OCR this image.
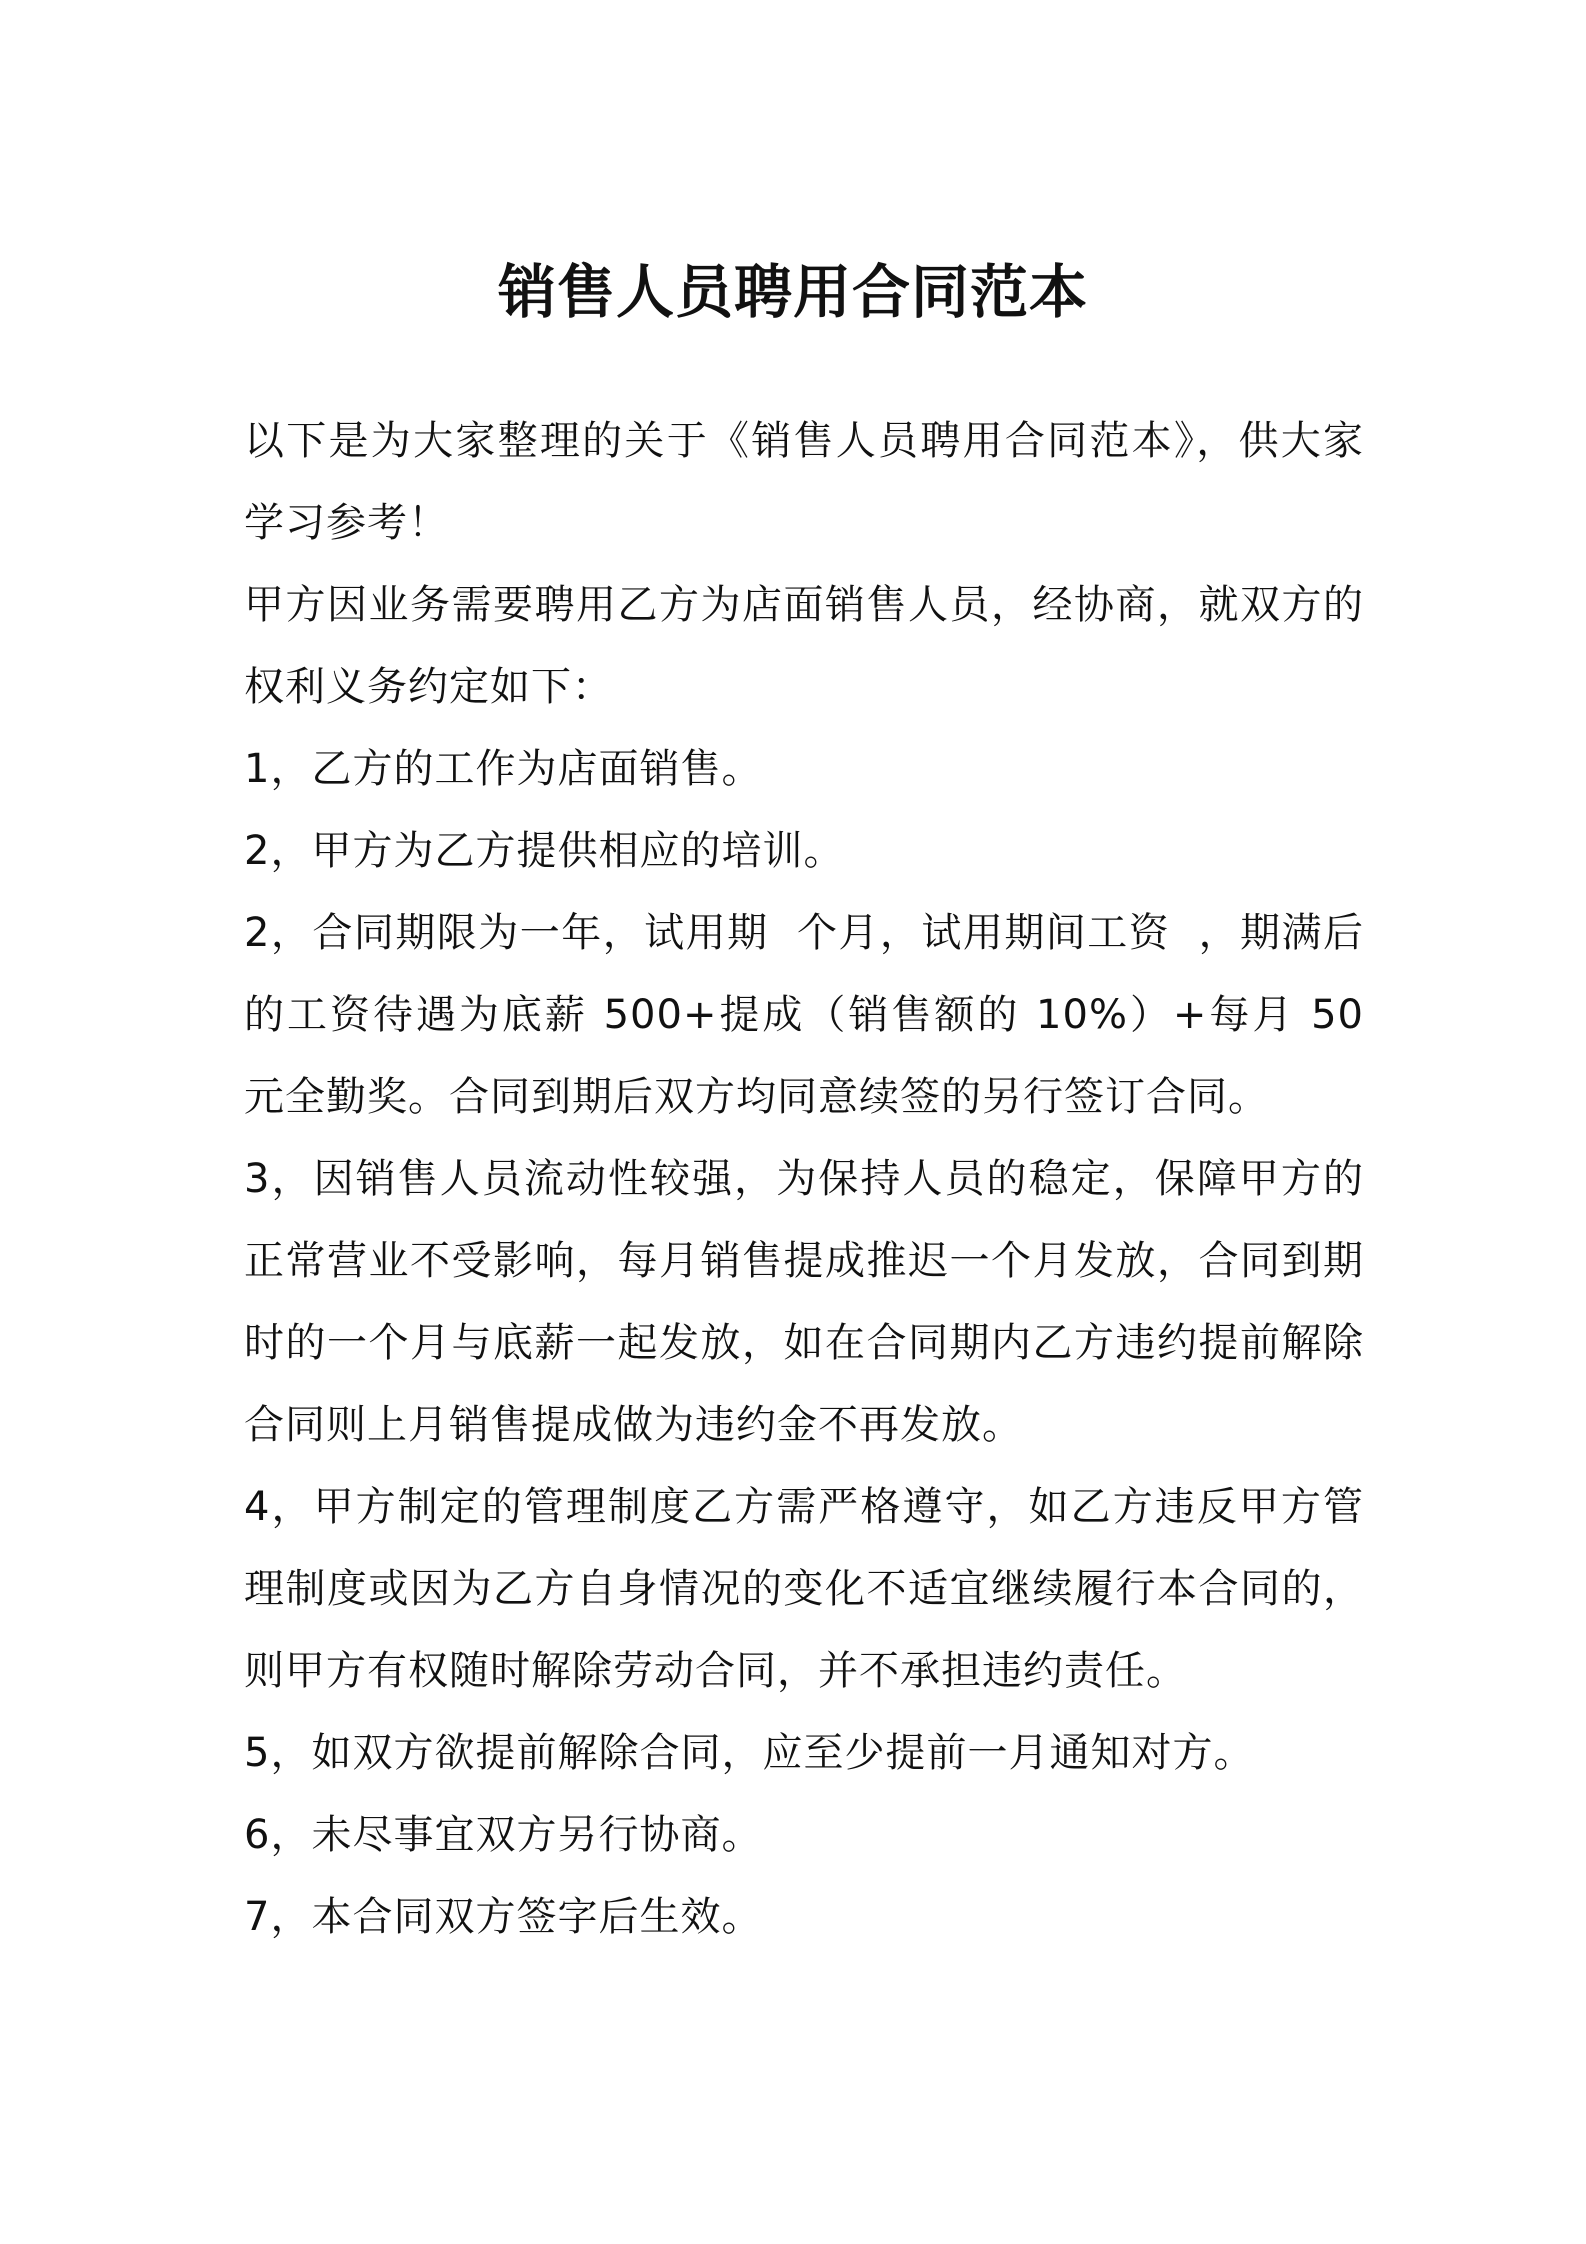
销售人员聘用合同范本

以下是为大家整理的关于《销售人员聘用合同范本》，供大家学习参考！

甲方因业务需要聘用乙方为店面销售人员，经协商，就双方的权利义务约定如下：

1，乙方的工作为店面销售。

2，甲方为乙方提供相应的培训。

2，合同期限为一年，试用期  个月，试用期间工资  ，期满后的工资待遇为底薪 500+提成（销售额的 10%）+每月 50 元全勤奖。合同到期后双方均同意续签的另行签订合同。

3，因销售人员流动性较强，为保持人员的稳定，保障甲方的正常营业不受影响，每月销售提成推迟一个月发放，合同到期时的一个月与底薪一起发放，如在合同期内乙方违约提前解除合同则上月销售提成做为违约金不再发放。

4，甲方制定的管理制度乙方需严格遵守，如乙方违反甲方管理制度或因为乙方自身情况的变化不适宜继续履行本合同的，则甲方有权随时解除劳动合同，并不承担违约责任。

5，如双方欲提前解除合同，应至少提前一月通知对方。

6，未尽事宜双方另行协商。

7，本合同双方签字后生效。
